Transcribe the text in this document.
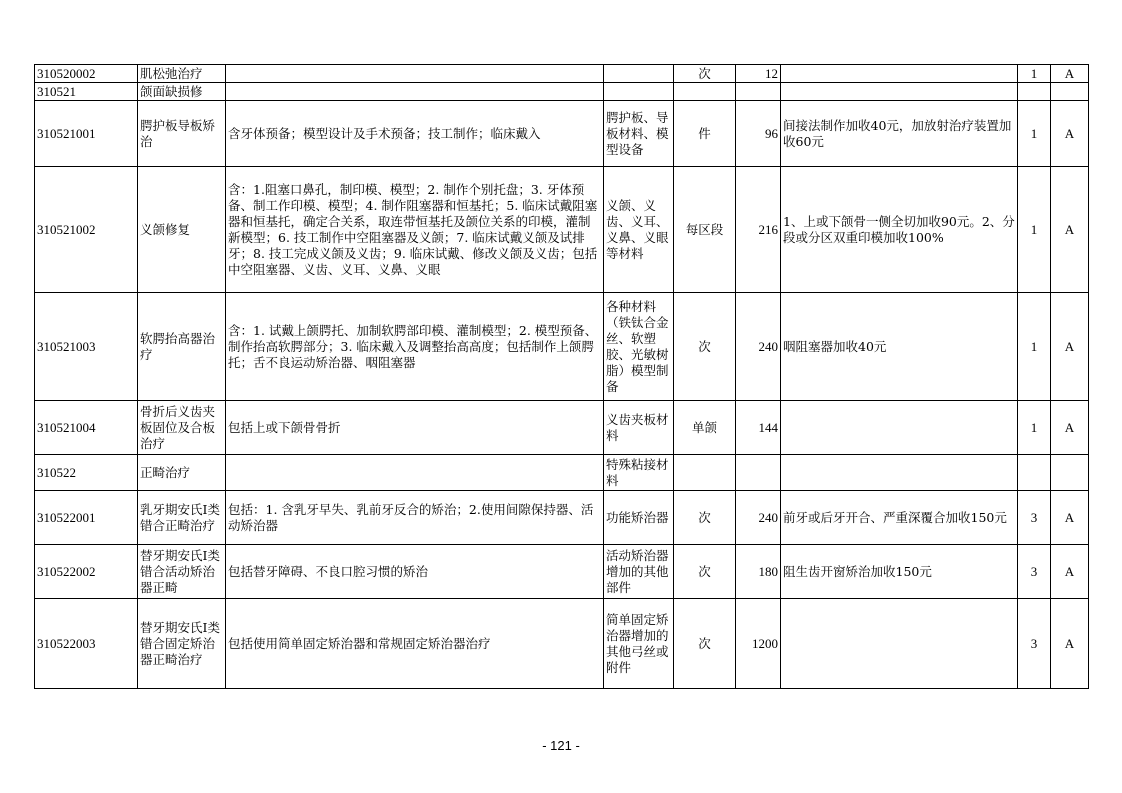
310520002	肌松弛治疗			次	12		1	A
310521	颌面缺损修							
310521001	腭护板导板矫治	含牙体预备；模型设计及手术预备；技工制作；临床戴入	腭护板、导板材料、模型设备	件	96	间接法制作加收40元，加放射治疗装置加收60元	1	A
310521002	义颌修复	含：1.阻塞口鼻孔，制印模、模型；2. 制作个别托盘；3. 牙体预备、制工作印模、模型；4. 制作阻塞器和恒基托；5. 临床试戴阻塞器和恒基托，确定合关系，取连带恒基托及颌位关系的印模，灌制新模型；6. 技工制作中空阻塞器及义颌；7. 临床试戴义颌及试排牙；8. 技工完成义颌及义齿；9. 临床试戴、修改义颌及义齿；包括中空阻塞器、义齿、义耳、义鼻、义眼	义颌、义齿、义耳、义鼻、义眼等材料	每区段	216	1、上或下颌骨一侧全切加收90元。2、分段或分区双重印模加收100%	1	A
310521003	软腭抬高器治疗	含：1. 试戴上颌腭托、加制软腭部印模、灌制模型；2. 模型预备、制作抬高软腭部分；3. 临床戴入及调整抬高高度；包括制作上颌腭托；舌不良运动矫治器、咽阻塞器	各种材料（铁钛合金丝、软塑胶、光敏树脂）模型制备	次	240	咽阻塞器加收40元	1	A
310521004	骨折后义齿夹板固位及合板治疗	包括上或下颌骨骨折	义齿夹板材料	单颌	144		1	A
310522	正畸治疗		特殊粘接材料					
310522001	乳牙期安氏I类错合正畸治疗	包括：1. 含乳牙早失、乳前牙反合的矫治；2.使用间隙保持器、活动矫治器	功能矫治器	次	240	前牙或后牙开合、严重深覆合加收150元	3	A
310522002	替牙期安氏I类错合活动矫治器正畸	包括替牙障碍、不良口腔习惯的矫治	活动矫治器增加的其他部件	次	180	阻生齿开窗矫治加收150元	3	A
310522003	替牙期安氏I类错合固定矫治器正畸治疗	包括使用简单固定矫治器和常规固定矫治器治疗	简单固定矫治器增加的其他弓丝或附件	次	1200		3	A
- 121 -
